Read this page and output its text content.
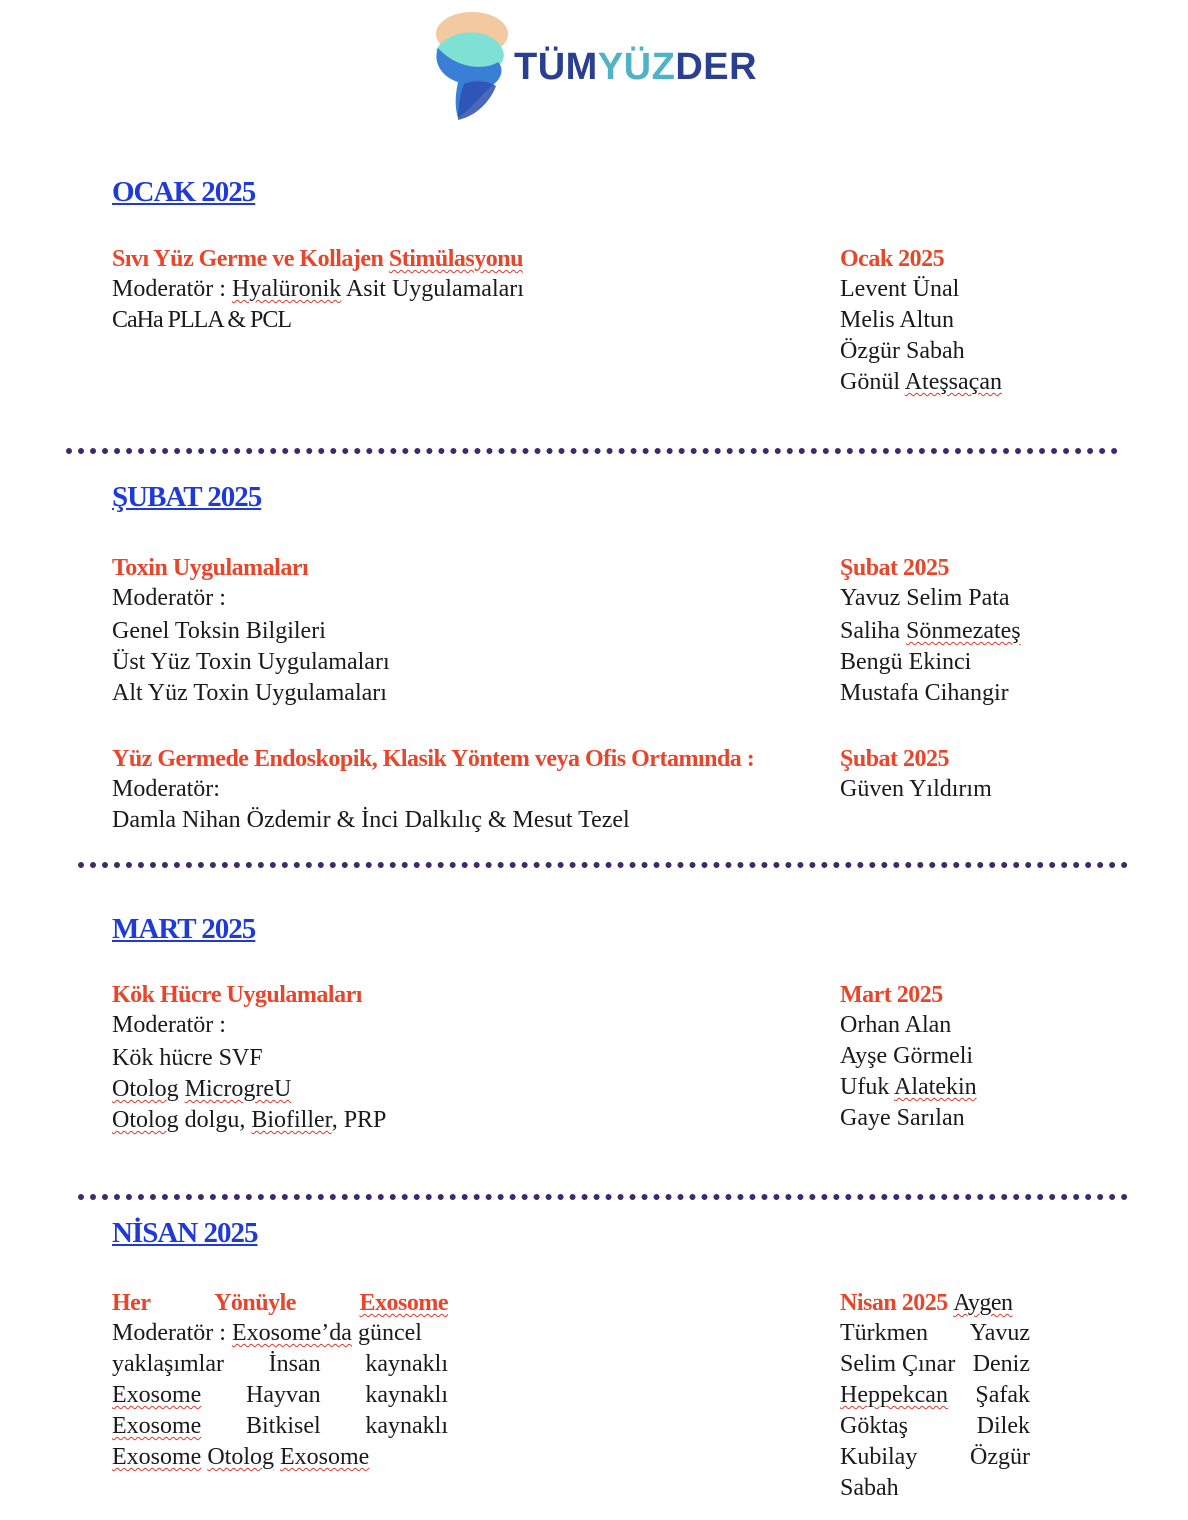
TÜMYÜZDER
OCAK 2025
Sıvı Yüz Germe ve Kollajen Stimülasyonu
Moderatör : Hyalüronik Asit Uygulamaları
CaHa PLLA & PCL
Ocak 2025
Levent Ünal
Melis Altun
Özgür Sabah
Gönül Ateşsaçan
ŞUBAT 2025
Toxin Uygulamaları
Moderatör :
Genel Toksin Bilgileri
Üst Yüz Toxin Uygulamaları
Alt Yüz Toxin Uygulamaları
Şubat 2025
Yavuz Selim Pata
Saliha Sönmezateş
Bengü Ekinci
Mustafa Cihangir
Yüz Germede Endoskopik, Klasik Yöntem veya Ofis Ortamında :
Moderatör:
Damla Nihan Özdemir & İnci Dalkılıç & Mesut Tezel
Şubat 2025
Güven Yıldırım
MART 2025
Kök Hücre Uygulamaları
Moderatör :
Kök hücre SVF
Otolog MicrogreU
Otolog dolgu, Biofiller, PRP
Mart 2025
Orhan Alan
Ayşe Görmeli
Ufuk Alatekin
Gaye Sarılan
NİSAN 2025
Her	Yönüyle	Exosome
Moderatör : Exosome’da güncel
yaklaşımlar İnsan kaynaklı
Exosome Hayvan kaynaklı
Exosome Bitkisel kaynaklı
Exosome Otolog Exosome
Nisan 2025 Aygen
Türkmen Yavuz
Selim Çınar Deniz
Heppekcan Şafak
Göktaş	Dilek
Kubilay Özgür
Sabah
